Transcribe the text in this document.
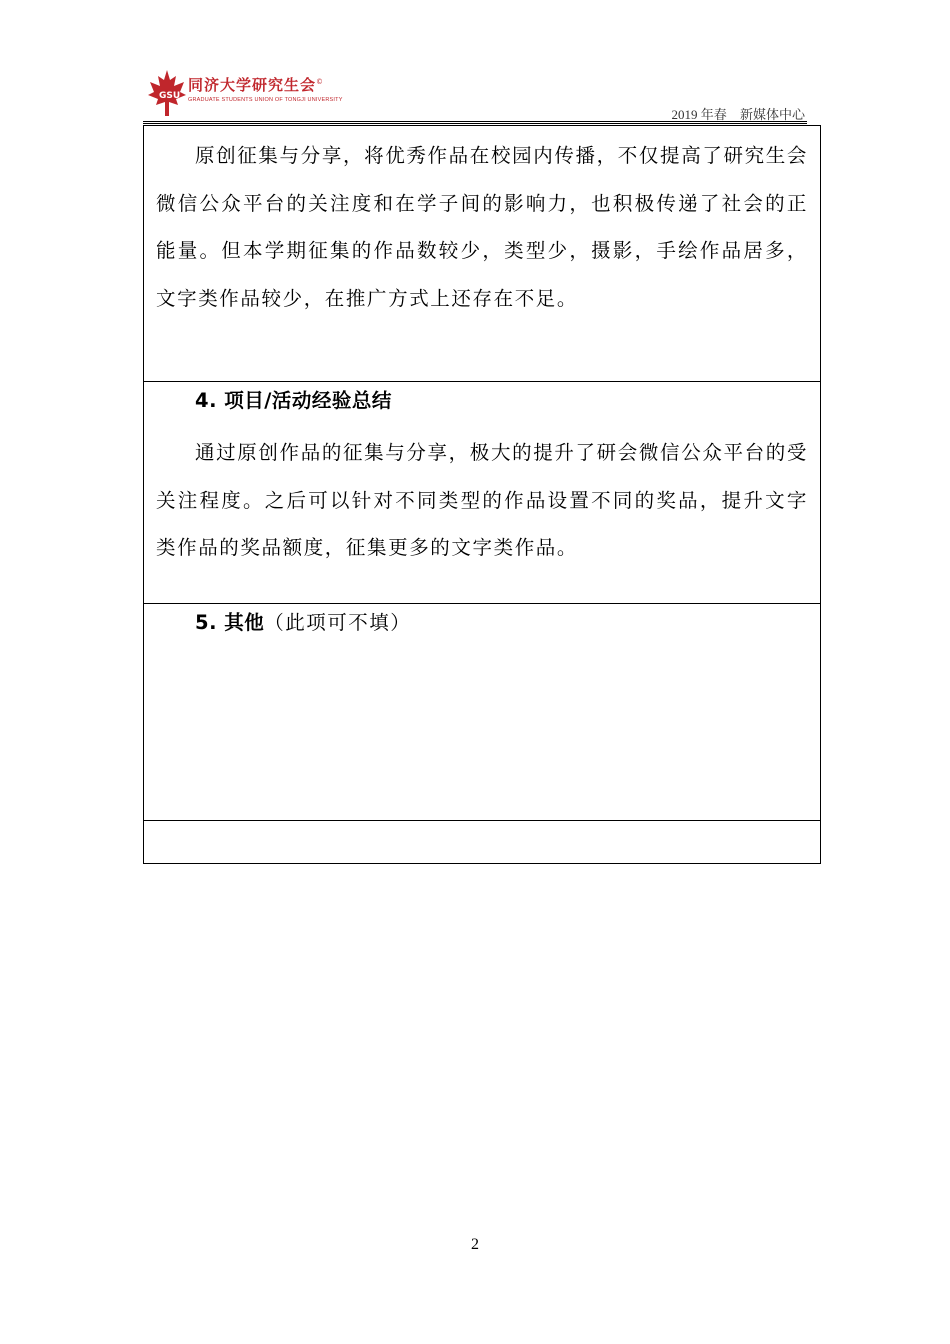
GSU
同济大学研究生会©
GRADUATE STUDENTS UNION OF TONGJI UNIVERSITY
2019 年春 新媒体中心

原创征集与分享，将优秀作品在校园内传播，不仅提高了研究生会微信公众平台的关注度和在学子间的影响力，也积极传递了社会的正能量。但本学期征集的作品数较少，类型少，摄影，手绘作品居多，文字类作品较少，在推广方式上还存在不足。

4. 项目/活动经验总结

通过原创作品的征集与分享，极大的提升了研会微信公众平台的受关注程度。之后可以针对不同类型的作品设置不同的奖品，提升文字类作品的奖品额度，征集更多的文字类作品。

5. 其他（此项可不填）

2
